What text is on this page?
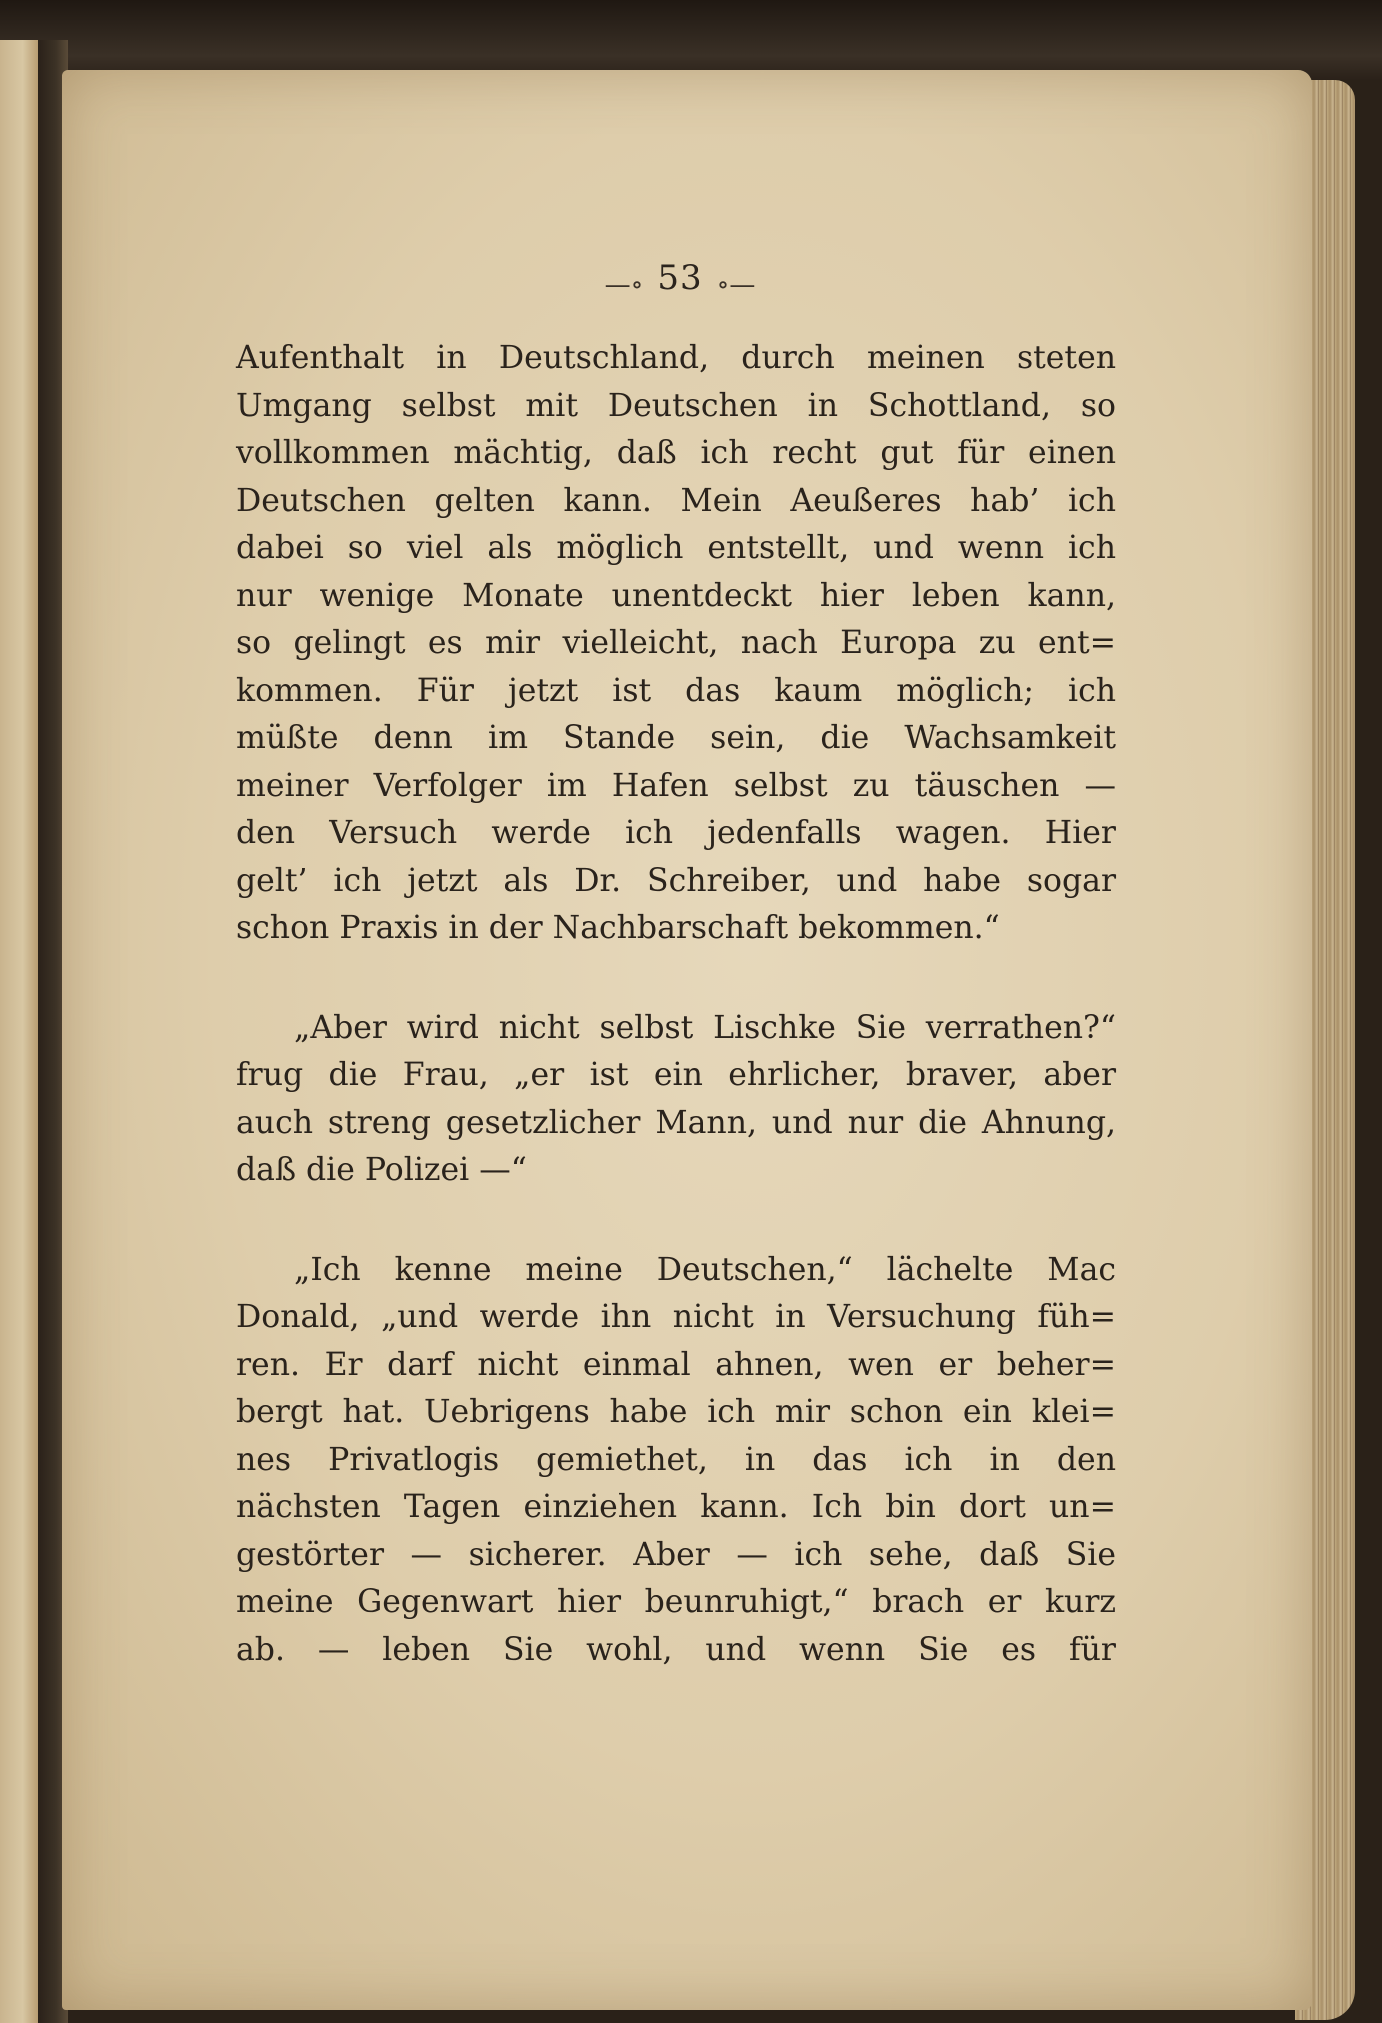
—∘ 53 ∘—
Aufenthalt in Deutschland, durch meinen steten
Umgang selbst mit Deutschen in Schottland, so
vollkommen mächtig, daß ich recht gut für einen
Deutschen gelten kann. Mein Aeußeres hab’ ich
dabei so viel als möglich entstellt, und wenn ich
nur wenige Monate unentdeckt hier leben kann,
so gelingt es mir vielleicht, nach Europa zu ent=
kommen. Für jetzt ist das kaum möglich; ich
müßte denn im Stande sein, die Wachsamkeit
meiner Verfolger im Hafen selbst zu täuschen —
den Versuch werde ich jedenfalls wagen. Hier
gelt’ ich jetzt als Dr. Schreiber, und habe sogar
schon Praxis in der Nachbarschaft bekommen.“
„Aber wird nicht selbst Lischke Sie verrathen?“
frug die Frau, „er ist ein ehrlicher, braver, aber
auch streng gesetzlicher Mann, und nur die Ahnung,
daß die Polizei —“
„Ich kenne meine Deutschen,“ lächelte Mac
Donald, „und werde ihn nicht in Versuchung füh=
ren. Er darf nicht einmal ahnen, wen er beher=
bergt hat. Uebrigens habe ich mir schon ein klei=
nes Privatlogis gemiethet, in das ich in den
nächsten Tagen einziehen kann. Ich bin dort un=
gestörter — sicherer. Aber — ich sehe, daß Sie
meine Gegenwart hier beunruhigt,“ brach er kurz
ab. — leben Sie wohl, und wenn Sie es für
